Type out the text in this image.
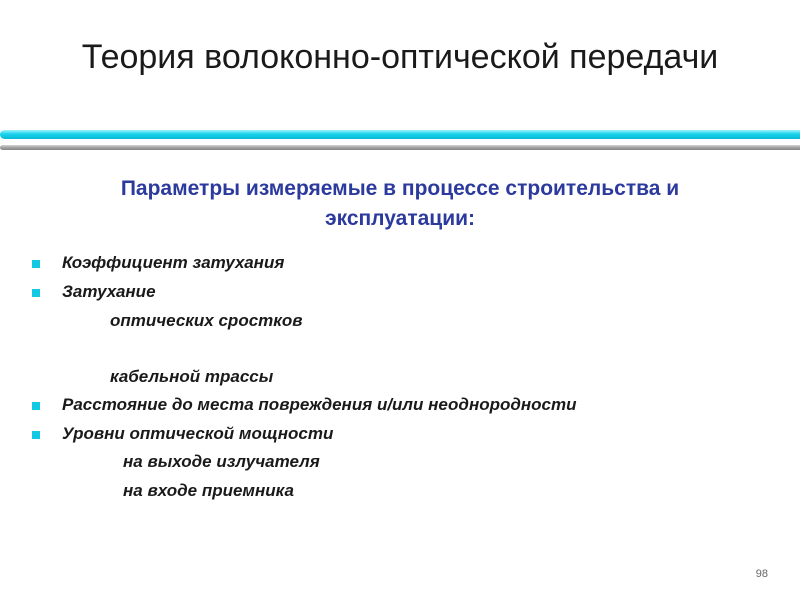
Теория волоконно-оптической передачи
Параметры измеряемые в процессе строительства и
эксплуатации:
Коэффициент затухания
Затухание
оптических сростков
кабельной трассы
Расстояние до места повреждения и/или неоднородности
Уровни оптической мощности
на выходе излучателя
на входе приемника
98
